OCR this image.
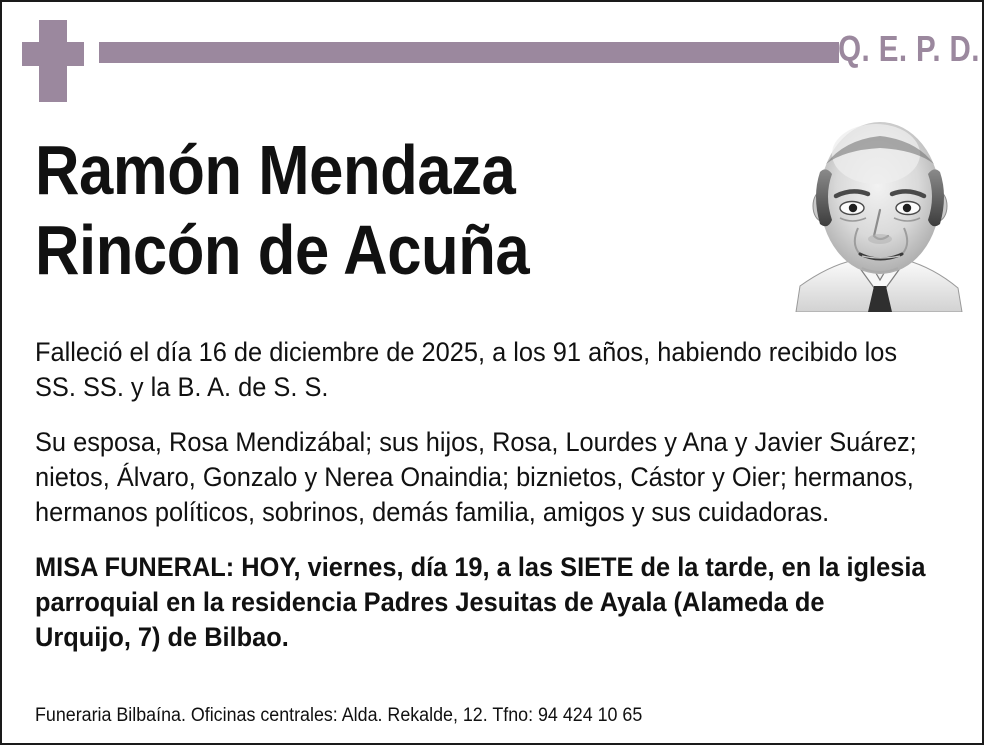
Q. E. P. D.
Ramón Mendaza
Rincón de Acuña

Falleció el día 16 de diciembre de 2025, a los 91 años, habiendo recibido los SS. SS. y la B. A. de S. S.

Su esposa, Rosa Mendizábal; sus hijos, Rosa, Lourdes y Ana y Javier Suárez; nietos, Álvaro, Gonzalo y Nerea Onaindia; biznietos, Cástor y Oier; hermanos, hermanos políticos, sobrinos, demás familia, amigos y sus cuidadoras.

MISA FUNERAL: HOY, viernes, día 19, a las SIETE de la tarde, en la iglesia parroquial en la residencia Padres Jesuitas de Ayala (Alameda de Urquijo, 7) de Bilbao.

Funeraria Bilbaína. Oficinas centrales: Alda. Rekalde, 12. Tfno: 94 424 10 65
